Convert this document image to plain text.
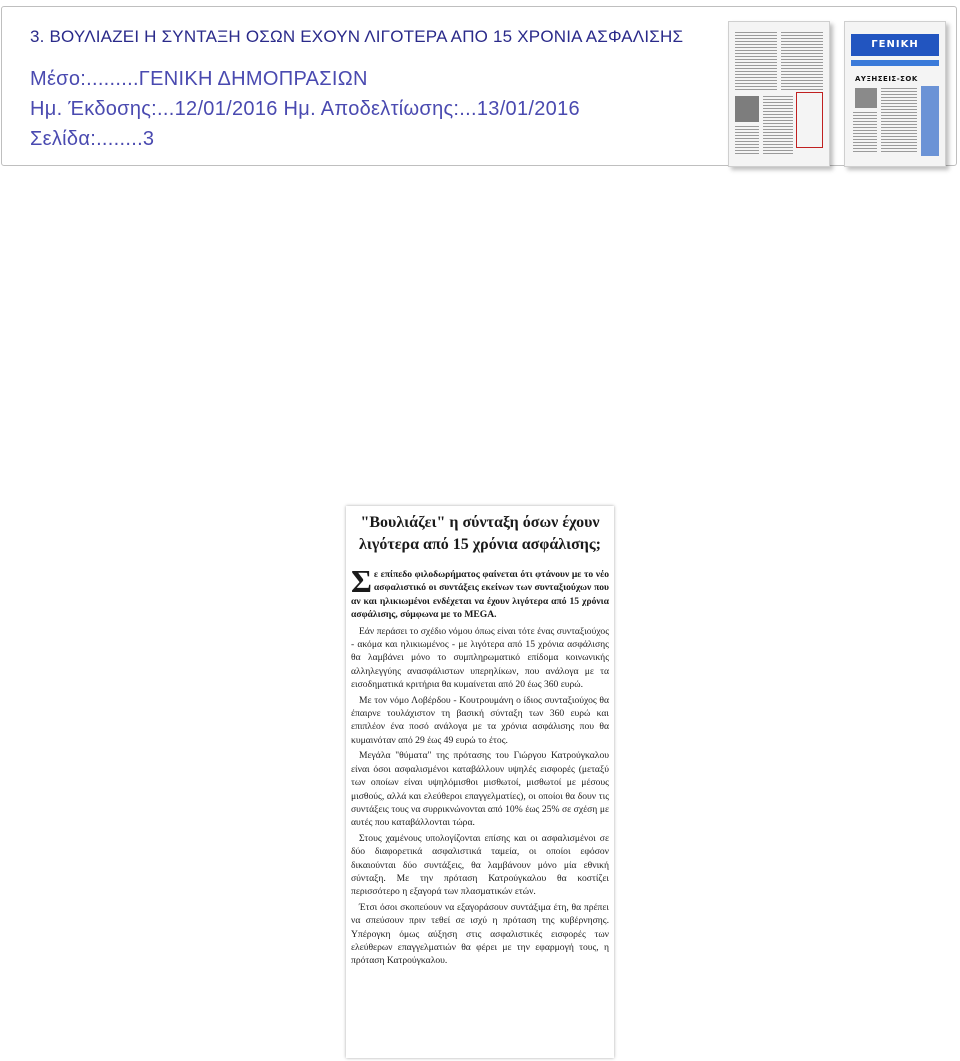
3. ΒΟΥΛΙΑΖΕΙ Η ΣΥΝΤΑΞΗ ΟΣΩΝ ΕΧΟΥΝ ΛΙΓΟΤΕΡΑ ΑΠΟ 15 ΧΡΟΝΙΑ ΑΣΦΑΛΙΣΗΣ
Μέσο:.........ΓΕΝΙΚΗ ΔΗΜΟΠΡΑΣΙΩΝ
Ημ. Έκδοσης:...12/01/2016 Ημ. Αποδελτίωσης:...13/01/2016
Σελίδα:........3
ΓΕΝΙΚΗ
ΑΥΞΗΣΕΙΣ-ΣΟΚ
"Βουλιάζει" η σύνταξη όσων έχουν λιγότερα από 15 χρόνια ασφάλισης;
Σ ε επίπεδο φιλοδωρήματος φαίνεται ότι φτάνουν με το νέο ασφαλιστικό οι συντάξεις εκείνων των συνταξιούχων που αν και ηλικιωμένοι ενδέχεται να έχουν λιγότερα από 15 χρόνια ασφάλισης, σύμφωνα με το MEGA.
Εάν περάσει το σχέδιο νόμου όπως είναι τότε ένας συνταξιούχος - ακόμα και ηλικιωμένος - με λιγότερα από 15 χρόνια ασφάλισης θα λαμβάνει μόνο το συμπληρωματικό επίδομα κοινωνικής αλληλεγγύης ανασφάλιστων υπερηλίκων, που ανάλογα με τα εισοδηματικά κριτήρια θα κυμαίνεται από 20 έως 360 ευρώ.
Με τον νόμο Λοβέρδου - Κουτρουμάνη ο ίδιος συνταξιούχος θα έπαιρνε τουλάχιστον τη βασική σύνταξη των 360 ευρώ και επιπλέον ένα ποσό ανάλογα με τα χρόνια ασφάλισης που θα κυμαινόταν από 29 έως 49 ευρώ το έτος.
Μεγάλα "θύματα" της πρότασης του Γιώργου Κατρούγκαλου είναι όσοι ασφαλισμένοι καταβάλλουν υψηλές εισφορές (μεταξύ των οποίων είναι υψηλόμισθοι μισθωτοί, μισθωτοί με μέσους μισθούς, αλλά και ελεύθεροι επαγγελματίες), οι οποίοι θα δουν τις συντάξεις τους να συρρικνώνονται από 10% έως 25% σε σχέση με αυτές που καταβάλλονται τώρα.
Στους χαμένους υπολογίζονται επίσης και οι ασφαλισμένοι σε δύο διαφορετικά ασφαλιστικά ταμεία, οι οποίοι εφόσον δικαιούνται δύο συντάξεις, θα λαμβάνουν μόνο μία εθνική σύνταξη. Με την πρόταση Κατρούγκαλου θα κοστίζει περισσότερο η εξαγορά των πλασματικών ετών.
Έτσι όσοι σκοπεύουν να εξαγοράσουν συντάξιμα έτη, θα πρέπει να σπεύσουν πριν τεθεί σε ισχύ η πρόταση της κυβέρνησης. Υπέρογκη όμως αύξηση στις ασφαλιστικές εισφορές των ελεύθερων επαγγελματιών θα φέρει με την εφαρμογή τους, η πρόταση Κατρούγκαλου.
